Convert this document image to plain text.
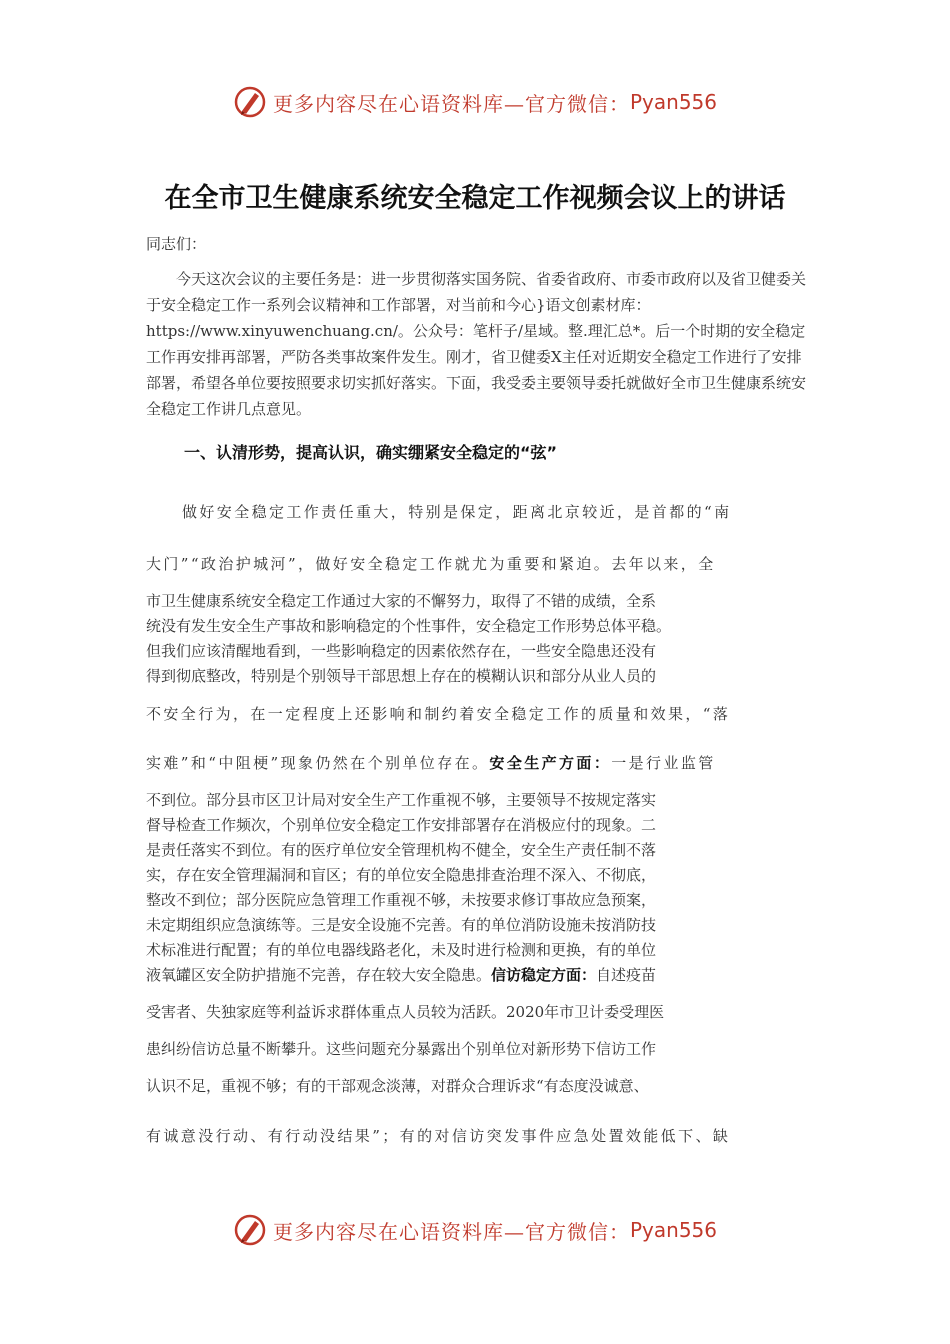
更多内容尽在心语资料库—官方微信： Pyan556
在全市卫生健康系统安全稳定工作视频会议上的讲话
同志们：

今天这次会议的主要任务是：进一步贯彻落实国务院、省委省政府、市委市政府以及省卫健委关于安全稳定工作一系列会议精神和工作部署，对当前和今心}语文创素材库：https://www.xinyuwenchuang.cn/。公众号：笔杆子/星域。整.理汇总*。后一个时期的安全稳定工作再安排再部署，严防各类事故案件发生。刚才，省卫健委X主任对近期安全稳定工作进行了安排部署，希望各单位要按照要求切实抓好落实。下面，我受委主要领导委托就做好全市卫生健康系统安全稳定工作讲几点意见。

一、认清形势，提高认识，确实绷紧安全稳定的“弦”
做好安全稳定工作责任重大，特别是保定，距离北京较近，是首都的“南
大门”“政治护城河”，做好安全稳定工作就尤为重要和紧迫。去年以来，全
市卫生健康系统安全稳定工作通过大家的不懈努力，取得了不错的成绩，全系
统没有发生安全生产事故和影响稳定的个性事件，安全稳定工作形势总体平稳。
但我们应该清醒地看到，一些影响稳定的因素依然存在，一些安全隐患还没有
得到彻底整改，特别是个别领导干部思想上存在的模糊认识和部分从业人员的
不安全行为，在一定程度上还影响和制约着安全稳定工作的质量和效果，“落
实难”和“中阻梗”现象仍然在个别单位存在。安全生产方面：一是行业监管
不到位。部分县市区卫计局对安全生产工作重视不够，主要领导不按规定落实
督导检查工作频次，个别单位安全稳定工作安排部署存在消极应付的现象。二
是责任落实不到位。有的医疗单位安全管理机构不健全，安全生产责任制不落
实，存在安全管理漏洞和盲区；有的单位安全隐患排查治理不深入、不彻底，
整改不到位；部分医院应急管理工作重视不够，未按要求修订事故应急预案，
未定期组织应急演练等。三是安全设施不完善。有的单位消防设施未按消防技
术标准进行配置；有的单位电器线路老化，未及时进行检测和更换，有的单位
液氧罐区安全防护措施不完善，存在较大安全隐患。信访稳定方面：自述疫苗
受害者、失独家庭等利益诉求群体重点人员较为活跃。2020年市卫计委受理医
患纠纷信访总量不断攀升。这些问题充分暴露出个别单位对新形势下信访工作
认识不足，重视不够；有的干部观念淡薄，对群众合理诉求“有态度没诚意、
有诚意没行动、有行动没结果”；有的对信访突发事件应急处置效能低下、缺
更多内容尽在心语资料库—官方微信： Pyan556
